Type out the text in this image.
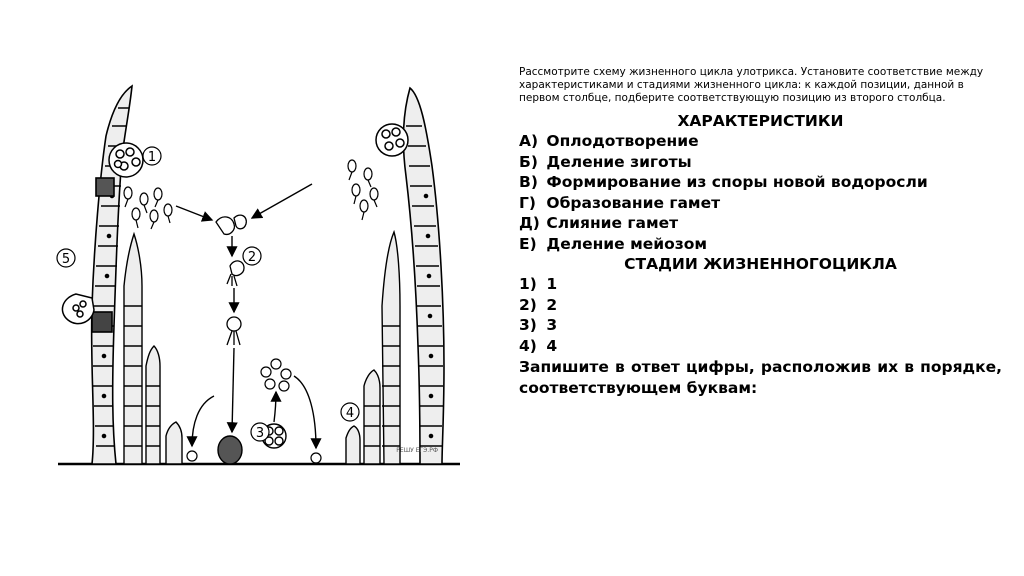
1
2
3
4
5
РЕШУ ЕГЭ.РФ

Рассмотрите схему жизненного цикла улотрикса. Установите соответствие между характеристиками и стадиями жизненного цикла: к каждой позиции, данной в первом столбце, подберите соответствующую позицию из второго столбца.

ХАРАКТЕРИСТИКИ
А) Оплодотворение
Б) Деление зиготы
В) Формирование из споры новой водоросли
Г) Образование гамет
Д) Слияние гамет
Е) Деление мейозом
СТАДИИ ЖИЗНЕННОГОЦИКЛА
1) 1
2) 2
3) 3
4) 4
Запишите в ответ цифры, расположив их в порядке, соответствующем буквам:
